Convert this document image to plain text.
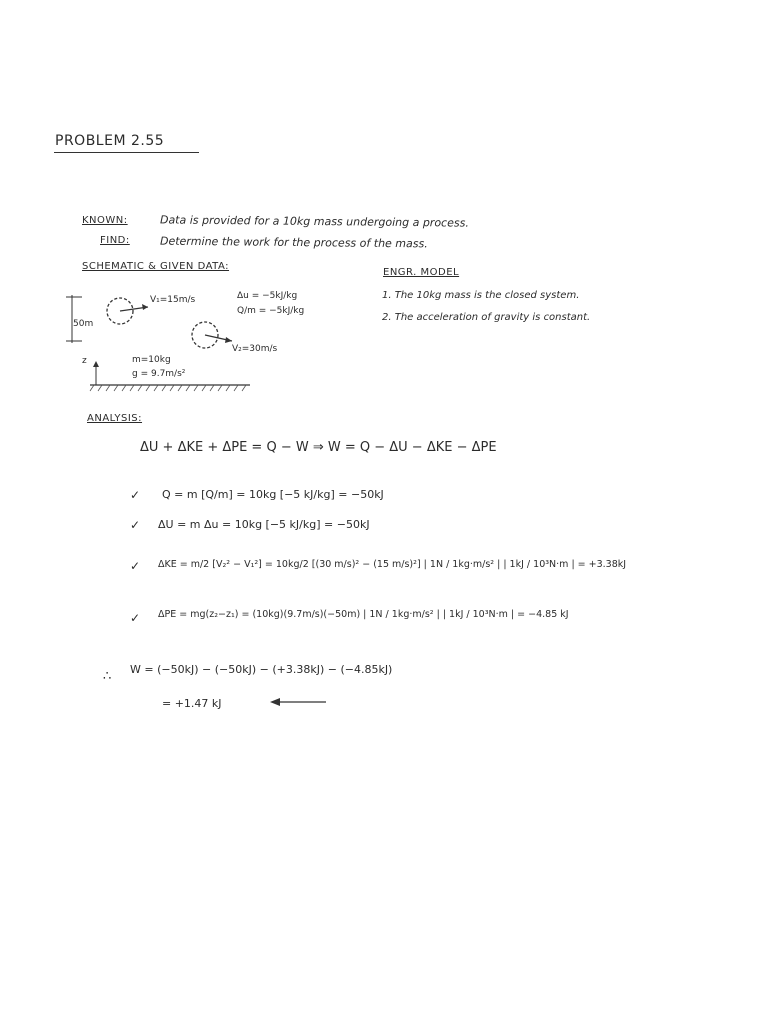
PROBLEM 2.55
KNOWN:	Data is provided for a 10kg mass undergoing a process.
FIND:	Determine the work for the process of the mass.
SCHEMATIC & GIVEN DATA:
V₁=15m/s
V₂=30m/s
50m
z
Δu = −5kJ/kg
Q/m = −5kJ/kg
m=10kg
g = 9.7m/s²
ENGR. MODEL
1. The 10kg mass is the closed system.
2. The acceleration of gravity is constant.
ANALYSIS:
ΔU + ΔKE + ΔPE = Q − W ⇒ W = Q − ΔU − ΔKE − ΔPE
✓ Q = m [Q/m] = 10kg [−5 kJ/kg] = −50kJ
✓ ΔU = m Δu = 10kg [−5 kJ/kg] = −50kJ
✓ ΔKE = m/2 [V₂² − V₁²] = 10kg/2 [(30 m/s)² − (15 m/s)²] | 1N / 1kg·m/s² | | 1kJ / 10³N·m | = +3.38kJ
✓ ΔPE = mg(z₂−z₁) = (10kg)(9.7m/s)(−50m) | 1N / 1kg·m/s² | | 1kJ / 10³N·m | = −4.85 kJ
∴ W = (−50kJ) − (−50kJ) − (+3.38kJ) − (−4.85kJ)
= +1.47 kJ
